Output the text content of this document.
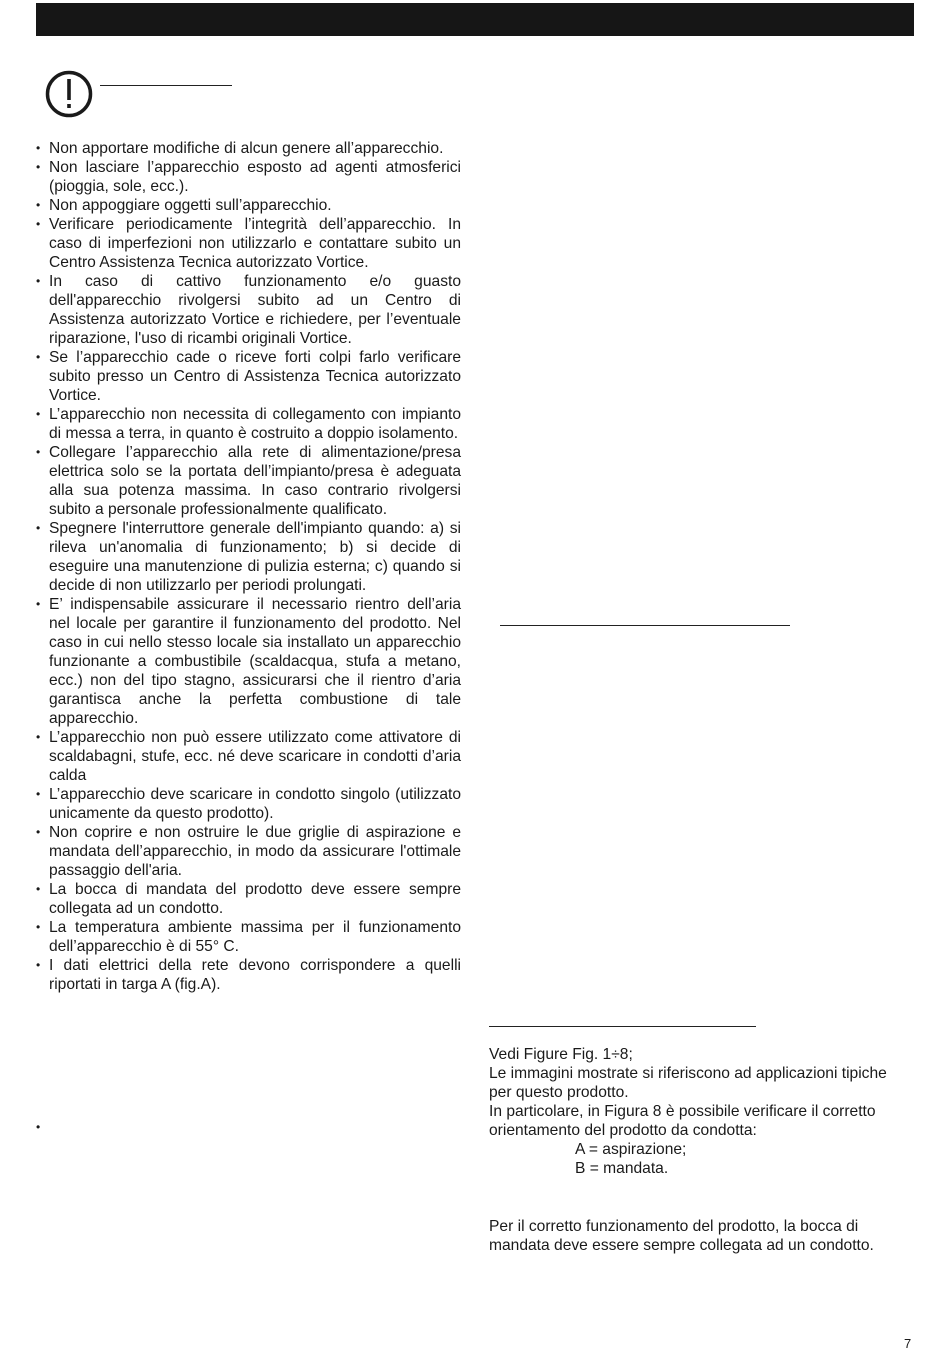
• Non apportare modifiche di alcun genere all’apparecchio.
• Non lasciare l’apparecchio esposto ad agenti atmosferici (pioggia, sole, ecc.).
• Non appoggiare oggetti sull’apparecchio.
• Verificare periodicamente l’integrità dell’apparecchio. In caso di imperfezioni non utilizzarlo e contattare subito un Centro Assistenza Tecnica autorizzato Vortice.
• In caso di cattivo funzionamento e/o guasto dell'apparecchio rivolgersi subito ad un Centro di Assistenza autorizzato Vortice e richiedere, per l’eventuale riparazione, l'uso di ricambi originali Vortice.
• Se l’apparecchio cade o riceve forti colpi farlo verificare subito presso un Centro di Assistenza Tecnica autorizzato Vortice.
• L’apparecchio non necessita di collegamento con impianto di messa a terra, in quanto è costruito a doppio isolamento.
• Collegare l’apparecchio alla rete di alimentazione/presa elettrica solo se la portata dell’impianto/presa è adeguata alla sua potenza massima. In caso contrario rivolgersi subito a personale professionalmente qualificato.
• Spegnere l'interruttore generale dell'impianto quando: a) si rileva un'anomalia di funzionamento; b) si decide di eseguire una manutenzione di pulizia esterna; c) quando si decide di non utilizzarlo per periodi prolungati.
• E’ indispensabile assicurare il necessario rientro dell’aria nel locale per garantire il funzionamento del prodotto. Nel caso in cui nello stesso locale sia installato un apparecchio funzionante a combustibile (scaldacqua, stufa a metano, ecc.) non del tipo stagno, assicurarsi che il rientro d’aria garantisca anche la perfetta combustione di tale apparecchio.
• L’apparecchio non può essere utilizzato come attivatore di scaldabagni, stufe, ecc. né deve scaricare in condotti d’aria calda
• L’apparecchio deve scaricare in condotto singolo (utilizzato unicamente da questo prodotto).
• Non coprire e non ostruire le due griglie di aspirazione e mandata dell’apparecchio, in modo da assicurare l'ottimale passaggio dell'aria.
• La bocca di mandata del prodotto deve essere sempre collegata ad un condotto.
• La temperatura ambiente massima per il funzionamento dell’apparecchio è di 55° C.
• I dati elettrici della rete devono corrispondere a quelli riportati in targa A (fig.A).
•

Vedi Figure Fig. 1÷8;

Le immagini mostrate si riferiscono ad applicazioni tipiche per questo prodotto.

In particolare, in Figura 8 è possibile verificare il corretto orientamento del prodotto da condotta:

A = aspirazione;

B = mandata.

Per il corretto funzionamento del prodotto, la bocca di mandata deve essere sempre collegata ad un condotto.
7
